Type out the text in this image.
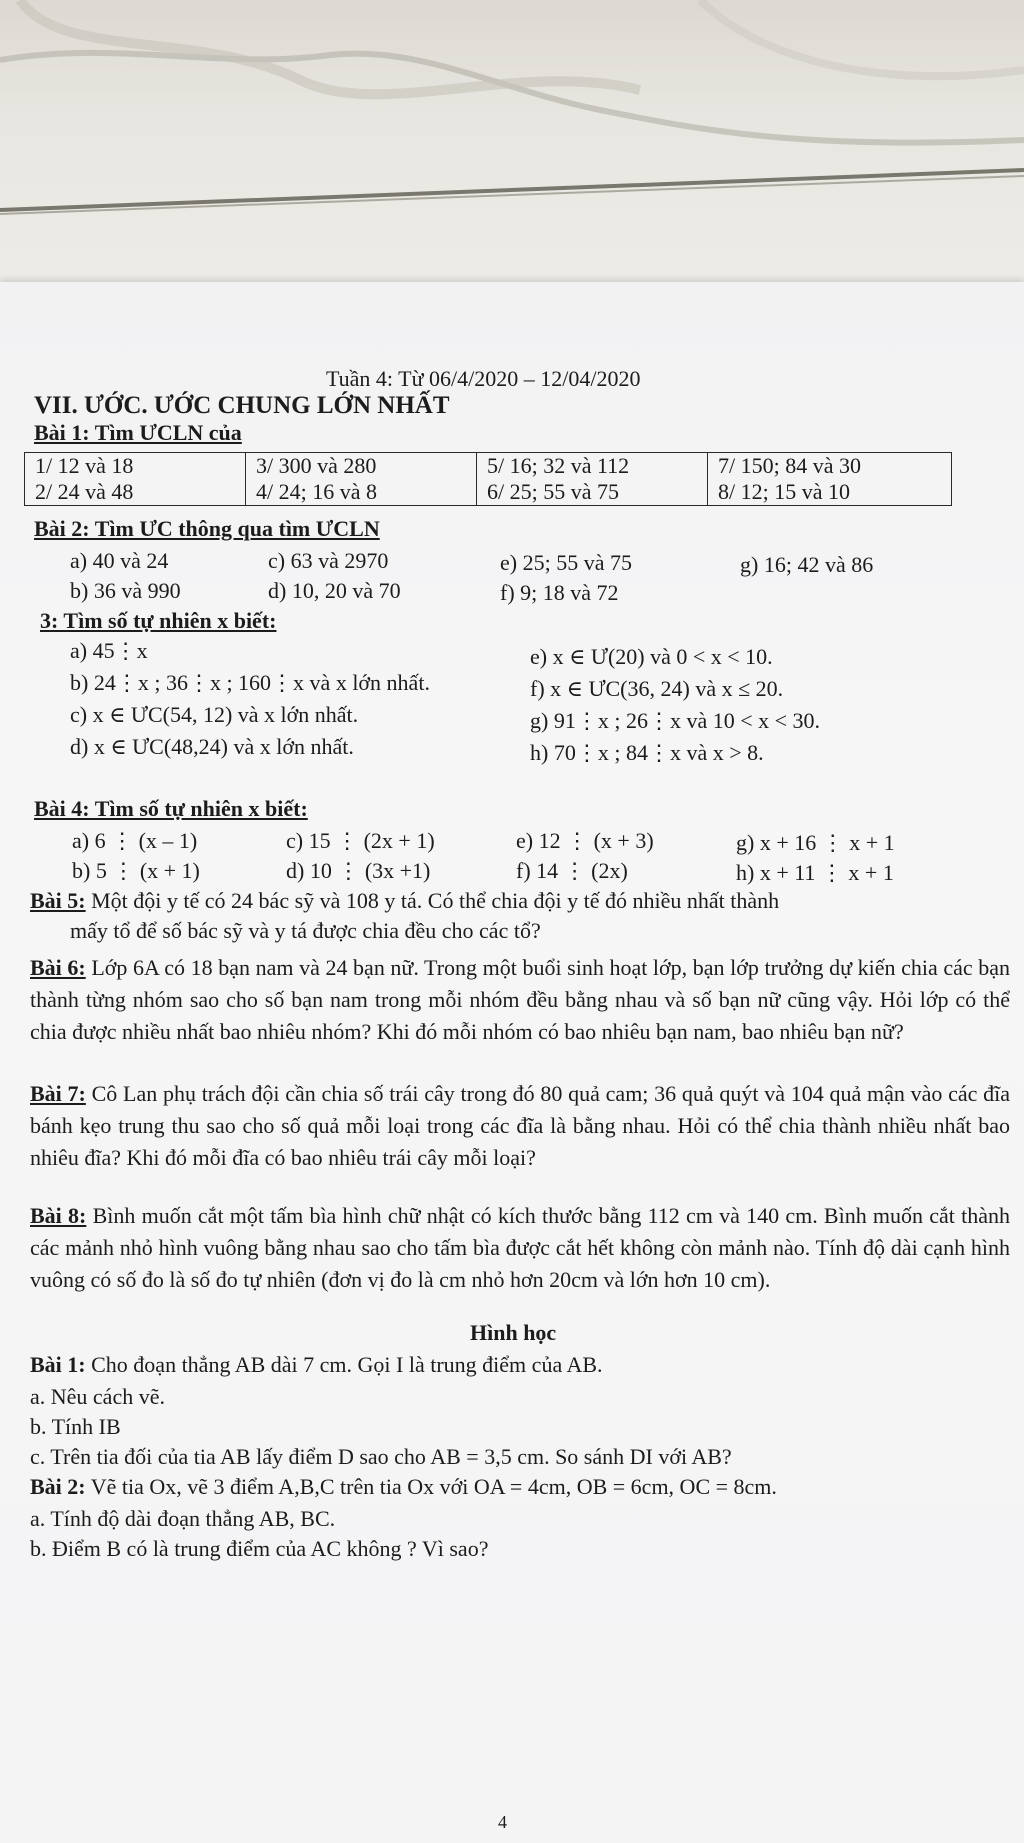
Tuần 4: Từ 06/4/2020 – 12/04/2020
VII. ƯỚC. ƯỚC CHUNG LỚN NHẤT
Bài 1: Tìm ƯCLN của
1/ 12 và 18
2/ 24 và 48

3/ 300 và 280
4/ 24; 16 và 8

5/ 16; 32 và 112
6/ 25; 55 và 75

7/ 150; 84 và 30
8/ 12; 15 và 10
Bài 2: Tìm ƯC thông qua tìm ƯCLN
a) 40 và 24
b) 36 và 990
c) 63 và 2970
d) 10, 20 và 70
e) 25; 55 và 75
f) 9; 18 và 72
g) 16; 42 và 86
3: Tìm số tự nhiên x biết:
a) 45⋮x
b) 24⋮x ; 36⋮x ; 160⋮x và x lớn nhất.
c) x ∈ ƯC(54, 12) và x lớn nhất.
d) x ∈ ƯC(48,24) và x lớn nhất.
e) x ∈ Ư(20) và 0 < x < 10.
f) x ∈ ƯC(36, 24) và x ≤ 20.
g) 91⋮x ; 26⋮x và 10 < x < 30.
h) 70⋮x ; 84⋮x và x > 8.
Bài 4: Tìm số tự nhiên x biết:
a) 6 ⋮ (x – 1)
b) 5 ⋮ (x + 1)
c) 15 ⋮ (2x + 1)
d) 10 ⋮ (3x +1)
e) 12 ⋮ (x + 3)
f) 14 ⋮ (2x)
g) x + 16 ⋮ x + 1
h) x + 11 ⋮ x + 1
Bài 5: Một đội y tế có 24 bác sỹ và 108 y tá. Có thể chia đội y tế đó nhiều nhất thành
mấy tổ để số bác sỹ và y tá được chia đều cho các tổ?
Bài 6: Lớp 6A có 18 bạn nam và 24 bạn nữ. Trong một buổi sinh hoạt lớp, bạn lớp trưởng dự kiến chia các bạn thành từng nhóm sao cho số bạn nam trong mỗi nhóm đều bằng nhau và số bạn nữ cũng vậy. Hỏi lớp có thể chia được nhiều nhất bao nhiêu nhóm? Khi đó mỗi nhóm có bao nhiêu bạn nam, bao nhiêu bạn nữ?
Bài 7: Cô Lan phụ trách đội cần chia số trái cây trong đó 80 quả cam; 36 quả quýt và 104 quả mận vào các đĩa bánh kẹo trung thu sao cho số quả mỗi loại trong các đĩa là bằng nhau. Hỏi có thể chia thành nhiều nhất bao nhiêu đĩa? Khi đó mỗi đĩa có bao nhiêu trái cây mỗi loại?
Bài 8: Bình muốn cắt một tấm bìa hình chữ nhật có kích thước bằng 112 cm và 140 cm. Bình muốn cắt thành các mảnh nhỏ hình vuông bằng nhau sao cho tấm bìa được cắt hết không còn mảnh nào. Tính độ dài cạnh hình vuông có số đo là số đo tự nhiên (đơn vị đo là cm nhỏ hơn 20cm và lớn hơn 10 cm).
Hình học
Bài 1: Cho đoạn thẳng AB dài 7 cm. Gọi I là trung điểm của AB.
a. Nêu cách vẽ.
b. Tính IB
c. Trên tia đối của tia AB lấy điểm D sao cho AB = 3,5 cm. So sánh DI với AB?
Bài 2: Vẽ tia Ox, vẽ 3 điểm A,B,C trên tia Ox với OA = 4cm, OB = 6cm, OC = 8cm.
a. Tính độ dài đoạn thẳng AB, BC.
b. Điểm B có là trung điểm của AC không ? Vì sao?
4
